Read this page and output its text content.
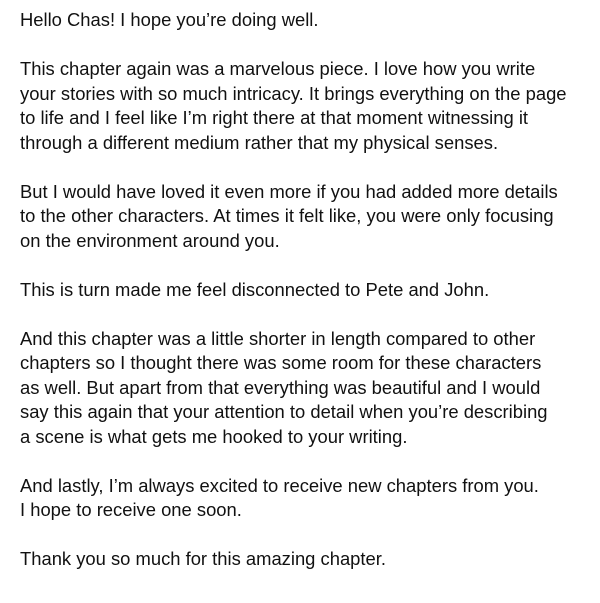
Hello Chas! I hope you’re doing well.

This chapter again was a marvelous piece. I love how you write
your stories with so much intricacy. It brings everything on the page
to life and I feel like I’m right there at that moment witnessing it
through a different medium rather that my physical senses.

But I would have loved it even more if you had added more details
to the other characters. At times it felt like, you were only focusing
on the environment around you.

This is turn made me feel disconnected to Pete and John.

And this chapter was a little shorter in length compared to other
chapters so I thought there was some room for these characters
as well. But apart from that everything was beautiful and I would
say this again that your attention to detail when you’re describing
a scene is what gets me hooked to your writing.

And lastly, I’m always excited to receive new chapters from you.
I hope to receive one soon.

Thank you so much for this amazing chapter.
